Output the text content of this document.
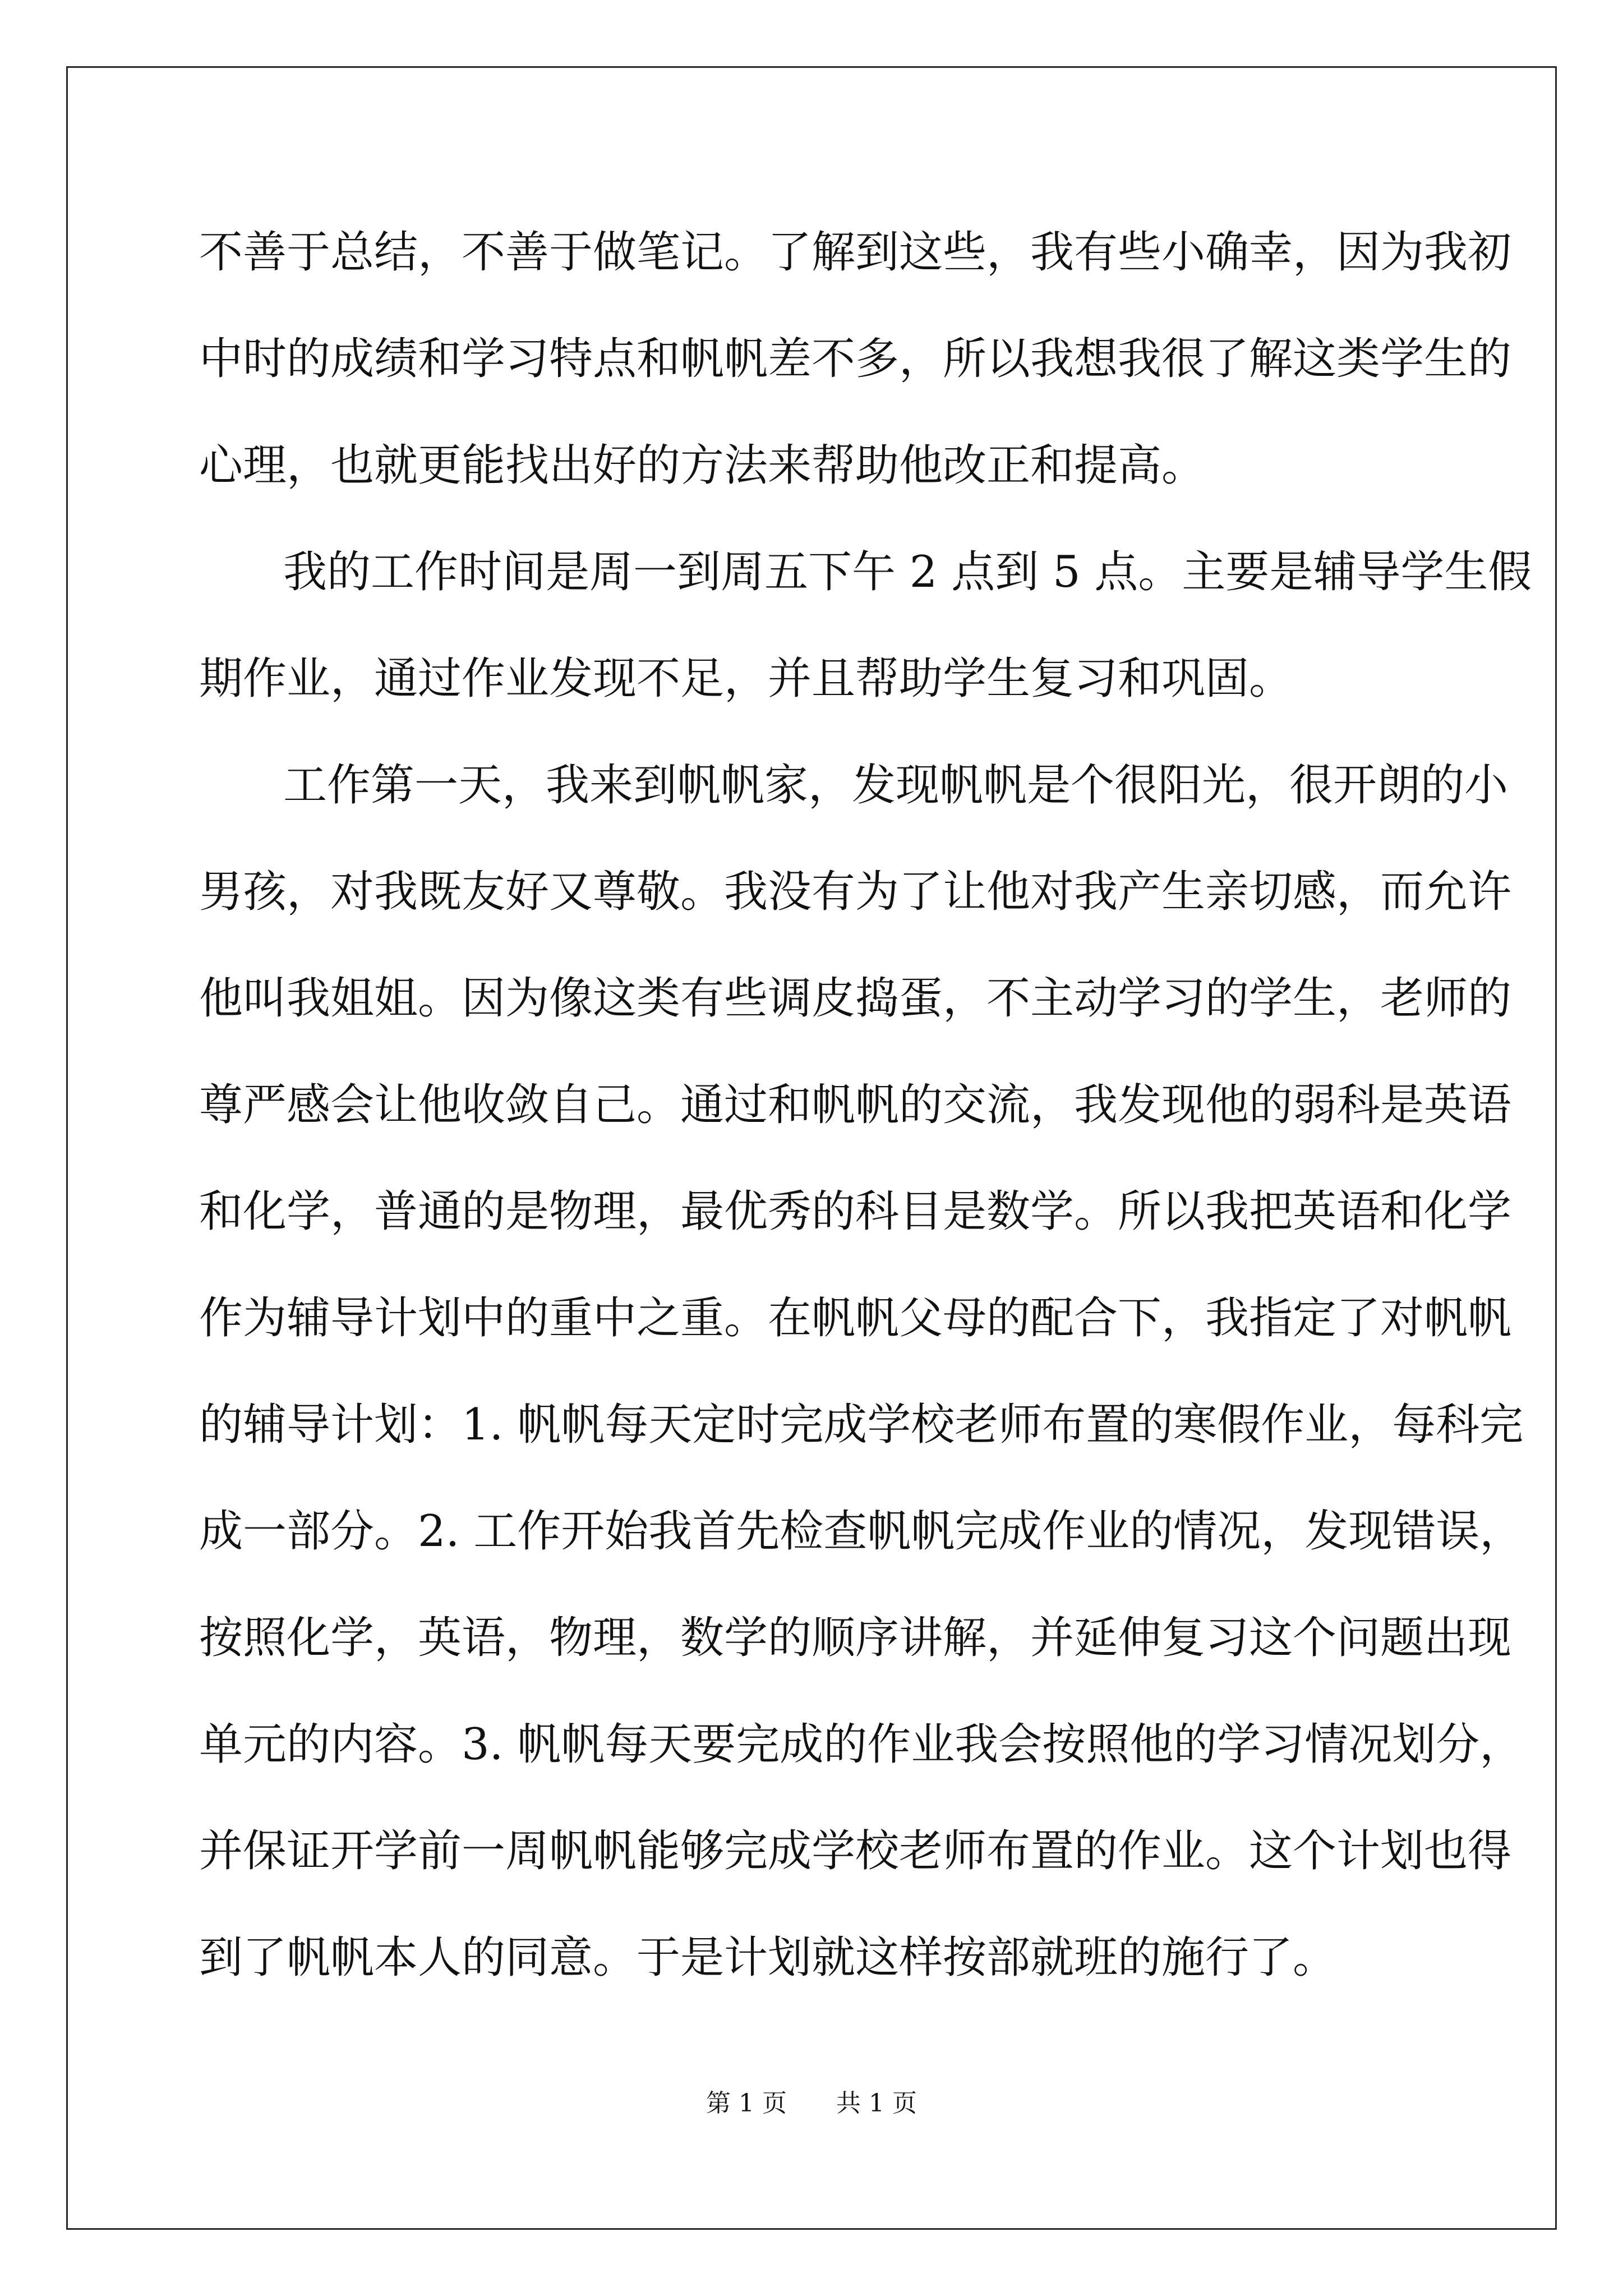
不善于总结，不善于做笔记。了解到这些，我有些小确幸，因为我初
中时的成绩和学习特点和帆帆差不多，所以我想我很了解这类学生的
心理，也就更能找出好的方法来帮助他改正和提高。
我的工作时间是周一到周五下午 2 点到 5 点。主要是辅导学生假
期作业，通过作业发现不足，并且帮助学生复习和巩固。
工作第一天，我来到帆帆家，发现帆帆是个很阳光，很开朗的小
男孩，对我既友好又尊敬。我没有为了让他对我产生亲切感，而允许
他叫我姐姐。因为像这类有些调皮捣蛋，不主动学习的学生，老师的
尊严感会让他收敛自己。通过和帆帆的交流，我发现他的弱科是英语
和化学，普通的是物理，最优秀的科目是数学。所以我把英语和化学
作为辅导计划中的重中之重。在帆帆父母的配合下，我指定了对帆帆
的辅导计划：1. 帆帆每天定时完成学校老师布置的寒假作业，每科完
成一部分。2. 工作开始我首先检查帆帆完成作业的情况，发现错误，
按照化学，英语，物理，数学的顺序讲解，并延伸复习这个问题出现
单元的内容。3. 帆帆每天要完成的作业我会按照他的学习情况划分，
并保证开学前一周帆帆能够完成学校老师布置的作业。这个计划也得
到了帆帆本人的同意。于是计划就这样按部就班的施行了。
第 1 页 共 1 页
